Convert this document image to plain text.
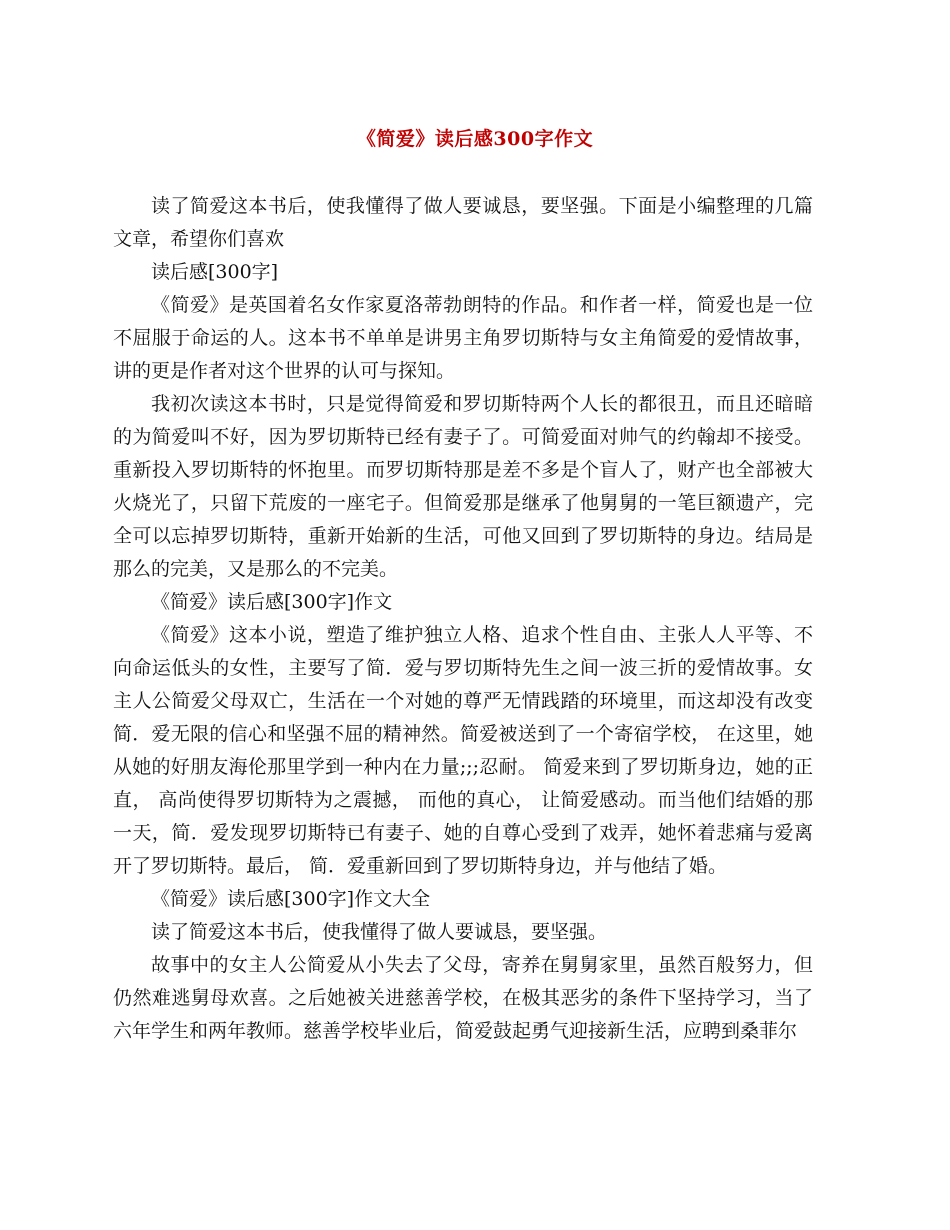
《简爱》读后感300字作文

读了简爱这本书后，使我懂得了做人要诚恳，要坚强。下面是小编整理的几篇文章，希望你们喜欢

读后感[300字]

《简爱》是英国着名女作家夏洛蒂勃朗特的作品。和作者一样，简爱也是一位不屈服于命运的人。这本书不单单是讲男主角罗切斯特与女主角简爱的爱情故事，讲的更是作者对这个世界的认可与探知。

我初次读这本书时，只是觉得简爱和罗切斯特两个人长的都很丑，而且还暗暗的为简爱叫不好，因为罗切斯特已经有妻子了。可简爱面对帅气的约翰却不接受。重新投入罗切斯特的怀抱里。而罗切斯特那是差不多是个盲人了，财产也全部被大火烧光了，只留下荒废的一座宅子。但简爱那是继承了他舅舅的一笔巨额遗产，完全可以忘掉罗切斯特，重新开始新的生活，可他又回到了罗切斯特的身边。结局是那么的完美，又是那么的不完美。

《简爱》读后感[300字]作文

《简爱》这本小说，塑造了维护独立人格、追求个性自由、主张人人平等、不向命运低头的女性，主要写了简．爱与罗切斯特先生之间一波三折的爱情故事。女主人公简爱父母双亡，生活在一个对她的尊严无情践踏的环境里，而这却没有改变简．爱无限的信心和坚强不屈的精神然。简爱被送到了一个寄宿学校， 在这里，她从她的好朋友海伦那里学到一种内在力量;;;忍耐。 简爱来到了罗切斯身边，她的正直， 高尚使得罗切斯特为之震撼， 而他的真心， 让简爱感动。而当他们结婚的那一天，简．爱发现罗切斯特已有妻子、她的自尊心受到了戏弄，她怀着悲痛与爱离开了罗切斯特。最后， 简．爱重新回到了罗切斯特身边，并与他结了婚。

《简爱》读后感[300字]作文大全

读了简爱这本书后，使我懂得了做人要诚恳，要坚强。

故事中的女主人公简爱从小失去了父母，寄养在舅舅家里，虽然百般努力，但仍然难逃舅母欢喜。之后她被关进慈善学校，在极其恶劣的条件下坚持学习，当了六年学生和两年教师。慈善学校毕业后，简爱鼓起勇气迎接新生活，应聘到桑菲尔
